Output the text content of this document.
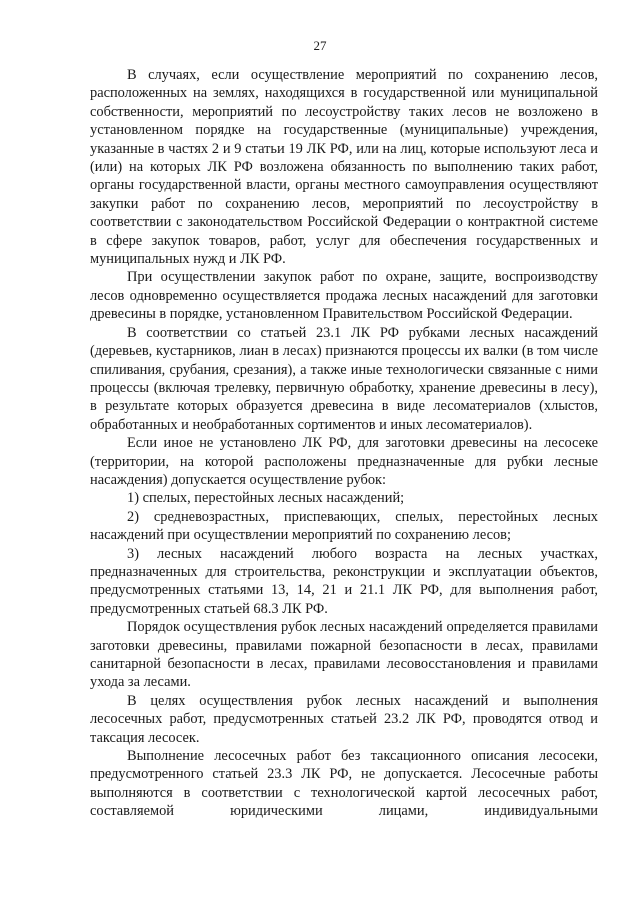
27

В случаях, если осуществление мероприятий по сохранению лесов, расположенных на землях, находящихся в государственной или муниципальной собственности, мероприятий по лесоустройству таких лесов не возложено в установленном порядке на государственные (муниципальные) учреждения, указанные в частях 2 и 9 статьи 19 ЛК РФ, или на лиц, которые используют леса и (или) на которых ЛК РФ возложена обязанность по выполнению таких работ, органы государственной власти, органы местного самоуправления осуществляют закупки работ по сохранению лесов, мероприятий по лесоустройству в соответствии с законодательством Российской Федерации о контрактной системе в сфере закупок товаров, работ, услуг для обеспечения государственных и муниципальных нужд и ЛК РФ.

При осуществлении закупок работ по охране, защите, воспроизводству лесов одновременно осуществляется продажа лесных насаждений для заготовки древесины в порядке, установленном Правительством Российской Федерации.

В соответствии со статьей 23.1 ЛК РФ рубками лесных насаждений (деревьев, кустарников, лиан в лесах) признаются процессы их валки (в том числе спиливания, срубания, срезания), а также иные технологически связанные с ними процессы (включая трелевку, первичную обработку, хранение древесины в лесу), в результате которых образуется древесина в виде лесоматериалов (хлыстов, обработанных и необработанных сортиментов и иных лесоматериалов).

Если иное не установлено ЛК РФ, для заготовки древесины на лесосеке (территории, на которой расположены предназначенные для рубки лесные насаждения) допускается осуществление рубок:

1) спелых, перестойных лесных насаждений;

2) средневозрастных, приспевающих, спелых, перестойных лесных насаждений при осуществлении мероприятий по сохранению лесов;

3) лесных насаждений любого возраста на лесных участках, предназначенных для строительства, реконструкции и эксплуатации объектов, предусмотренных статьями 13, 14, 21 и 21.1 ЛК РФ, для выполнения работ, предусмотренных статьей 68.3 ЛК РФ.

Порядок осуществления рубок лесных насаждений определяется правилами заготовки древесины, правилами пожарной безопасности в лесах, правилами санитарной безопасности в лесах, правилами лесовосстановления и правилами ухода за лесами.

В целях осуществления рубок лесных насаждений и выполнения лесосечных работ, предусмотренных статьей 23.2 ЛК РФ, проводятся отвод и таксация лесосек.

Выполнение лесосечных работ без таксационного описания лесосеки, предусмотренного статьей 23.3 ЛК РФ, не допускается. Лесосечные работы выполняются в соответствии с технологической картой лесосечных работ, составляемой юридическими лицами, индивидуальными
